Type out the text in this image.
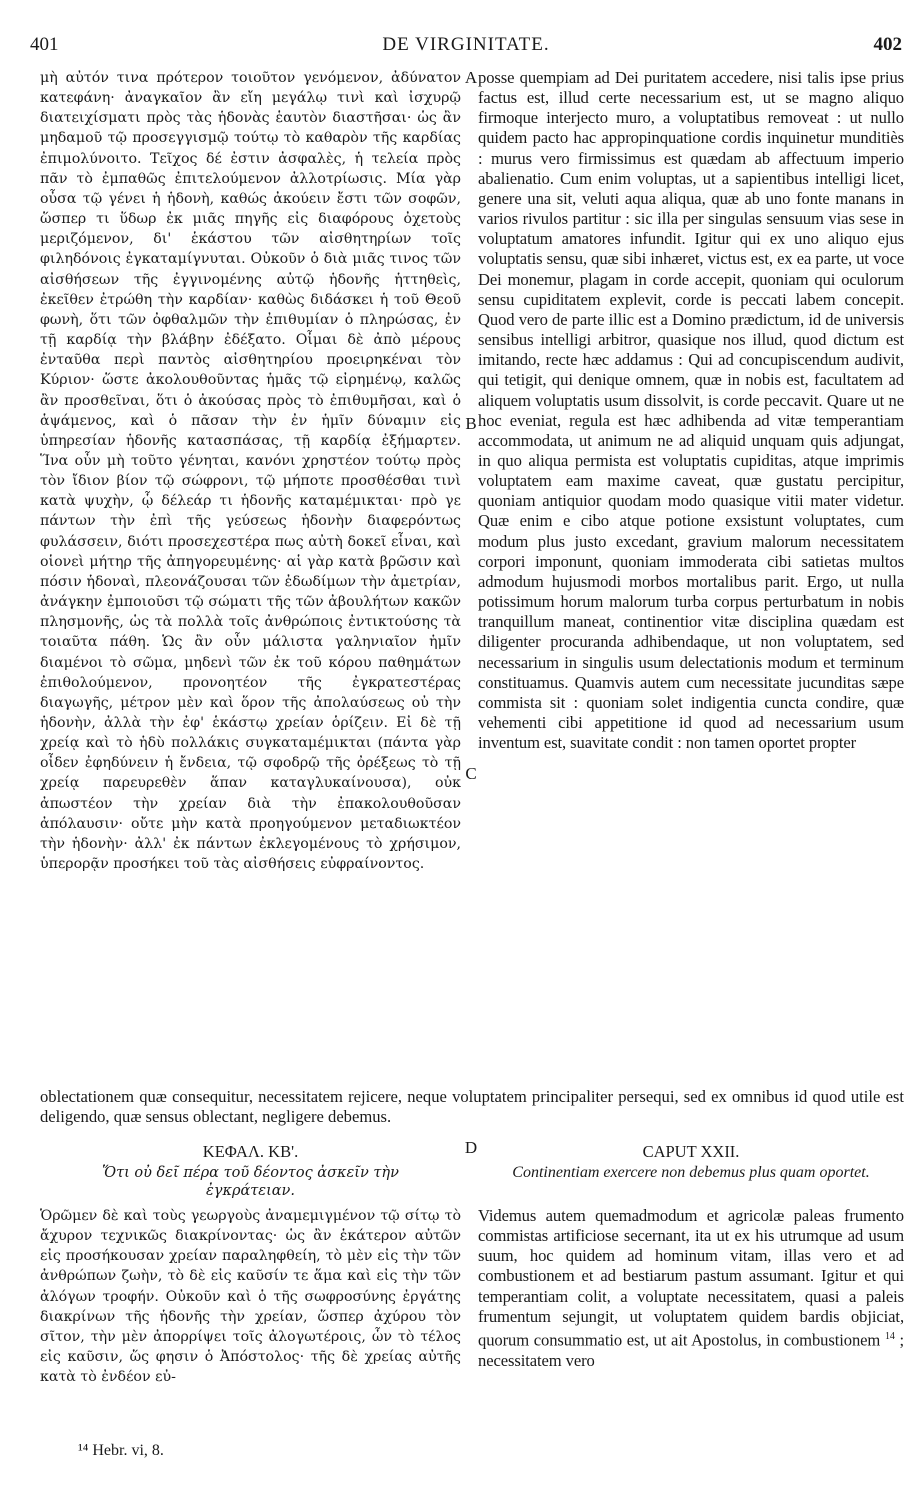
401	DE VIRGINITATE.	402

μὴ αὐτόν τινα πρότερον τοιοῦτον γενόμενον, ἀδύνατον κατεφάνη· ἀναγκαῖον ἂν εἴη μεγάλῳ τινὶ καὶ ἰσχυρῷ διατειχίσματι πρὸς τὰς ἡδονὰς ἑαυτὸν διαστῆσαι· ὡς ἂν μηδαμοῦ τῷ προσεγγισμῷ τούτῳ τὸ καθαρὸν τῆς καρδίας ἐπιμολύνοιτο. Τεῖχος δέ ἐστιν ἀσφαλὲς, ἡ τελεία πρὸς πᾶν τὸ ἐμπαθῶς ἐπιτελούμενον ἀλλοτρίωσις. Μία γὰρ οὖσα τῷ γένει ἡ ἡδονὴ, καθώς ἀκούειν ἔστι τῶν σοφῶν, ὥσπερ τι ὕδωρ ἐκ μιᾶς πηγῆς εἰς διαφόρους ὀχετοὺς μεριζόμενον, δι' ἑκάστου τῶν αἰσθητηρίων τοῖς φιληδόνοις ἐγκαταμίγνυται. Οὐκοῦν ὁ διὰ μιᾶς τινος τῶν αἰσθήσεων τῆς ἐγγινομένης αὐτῷ ἡδονῆς ἡττηθεὶς, ἐκεῖθεν ἐτρώθη τὴν καρδίαν· καθὼς διδάσκει ἡ τοῦ Θεοῦ φωνὴ, ὅτι τῶν ὀφθαλμῶν τὴν ἐπιθυμίαν ὁ πληρώσας, ἐν τῇ καρδίᾳ τὴν βλάβην ἐδέξατο. Οἶμαι δὲ ἀπὸ μέρους ἐνταῦθα περὶ παντὸς αἰσθητηρίου προειρηκέναι τὸν Κύριον· ὥστε ἀκολουθοῦντας ἡμᾶς τῷ εἰρημένῳ, καλῶς ἂν προσθεῖναι, ὅτι ὁ ἀκούσας πρὸς τὸ ἐπιθυμῆσαι, καὶ ὁ ἁψάμενος, καὶ ὁ πᾶσαν τὴν ἐν ἡμῖν δύναμιν εἰς ὑπηρεσίαν ἡδονῆς κατασπάσας, τῇ καρδίᾳ ἐξήμαρτεν. Ἵνα οὖν μὴ τοῦτο γένηται, κανόνι χρηστέον τούτῳ πρὸς τὸν ἴδιον βίον τῷ σώφρονι, τῷ μήποτε προσθέσθαι τινὶ κατὰ ψυχὴν, ᾧ δέλεάρ τι ἡδονῆς καταμέμικται· πρὸ γε πάντων τὴν ἐπὶ τῆς γεύσεως ἡδονὴν διαφερόντως φυλάσσειν, διότι προσεχεστέρα πως αὐτὴ δοκεῖ εἶναι, καὶ οἱονεὶ μήτηρ τῆς ἀπηγορευμένης· αἱ γὰρ κατὰ βρῶσιν καὶ πόσιν ἡδοναὶ, πλεονάζουσαι τῶν ἐδωδίμων τὴν ἀμετρίαν, ἀνάγκην ἐμποιοῦσι τῷ σώματι τῆς τῶν ἀβουλήτων κακῶν πλησμονῆς, ὡς τὰ πολλὰ τοῖς ἀνθρώποις ἐντικτούσης τὰ τοιαῦτα πάθη. Ὡς ἂν οὖν μάλιστα γαληνιαῖον ἡμῖν διαμένοι τὸ σῶμα, μηδενὶ τῶν ἐκ τοῦ κόρου παθημάτων ἐπιθολούμενον, προνοητέον τῆς ἐγκρατεστέρας διαγωγῆς, μέτρον μὲν καὶ ὅρον τῆς ἀπολαύσεως οὐ τὴν ἡδονὴν, ἀλλὰ τὴν ἐφ' ἑκάστῳ χρείαν ὁρίζειν. Εἰ δὲ τῇ χρείᾳ καὶ τὸ ἡδὺ πολλάκις συγκαταμέμικται (πάντα γὰρ οἶδεν ἐφηδύνειν ἡ ἔνδεια, τῷ σφοδρῷ τῆς ὀρέξεως τὸ τῇ χρείᾳ παρευρεθὲν ἅπαν καταγλυκαίνουσα), οὐκ ἀπωστέον τὴν χρείαν διὰ τὴν ἐπακολουθοῦσαν ἀπόλαυσιν· οὔτε μὴν κατὰ προηγούμενον μεταδιωκτέον τὴν ἡδονὴν· ἀλλ' ἐκ πάντων ἐκλεγομένους τὸ χρήσιμον, ὑπερορᾷν προσήκει τοῦ τὰς αἰσθήσεις εὐφραίνοντος.

A
B
C
D

posse quempiam ad Dei puritatem accedere, nisi talis ipse prius factus est, illud certe necessarium est, ut se magno aliquo firmoque interjecto muro, a voluptatibus removeat : ut nullo quidem pacto hac appropinquatione cordis inquinetur munditiès : murus vero firmissimus est quædam ab affectuum imperio abalienatio. Cum enim voluptas, ut a sapientibus intelligi licet, genere una sit, veluti aqua aliqua, quæ ab uno fonte manans in varios rivulos partitur : sic illa per singulas sensuum vias sese in voluptatum amatores infundit. Igitur qui ex uno aliquo ejus voluptatis sensu, quæ sibi inhæret, victus est, ex ea parte, ut voce Dei monemur, plagam in corde accepit, quoniam qui oculorum sensu cupiditatem explevit, corde is peccati labem concepit. Quod vero de parte illic est a Domino prædictum, id de universis sensibus intelligi arbitror, quasique nos illud, quod dictum est imitando, recte hæc addamus : Qui ad concupiscendum audivit, qui tetigit, qui denique omnem, quæ in nobis est, facultatem ad aliquem voluptatis usum dissolvit, is corde peccavit. Quare ut ne hoc eveniat, regula est hæc adhibenda ad vitæ temperantiam accommodata, ut animum ne ad aliquid unquam quis adjungat, in quo aliqua permista est voluptatis cupiditas, atque imprimis voluptatem eam maxime caveat, quæ gustatu percipitur, quoniam antiquior quodam modo quasique vitii mater videtur. Quæ enim e cibo atque potione exsistunt voluptates, cum modum plus justo excedant, gravium malorum necessitatem corpori imponunt, quoniam immoderata cibi satietas multos admodum hujusmodi morbos mortalibus parit. Ergo, ut nulla potissimum horum malorum turba corpus perturbatum in nobis tranquillum maneat, continentior vitæ disciplina quædam est diligenter procuranda adhibendaque, ut non voluptatem, sed necessarium in singulis usum delectationis modum et terminum constituamus. Quamvis autem cum necessitate jucunditas sæpe commista sit : quoniam solet indigentia cuncta condire, quæ vehementi cibi appetitione id quod ad necessarium usum inventum est, suavitate condit : non tamen oportet propter

oblectationem quæ consequitur, necessitatem rejicere, neque voluptatem principaliter persequi, sed ex omnibus id quod utile est deligendo, quæ sensus oblectant, negligere debemus.

ΚΕΦΑΛ. ΚΒ'.
Ὅτι οὐ δεῖ πέρα τοῦ δέοντος ἀσκεῖν τὴν ἐγκράτειαν.

Ὁρῶμεν δὲ καὶ τοὺς γεωργοὺς ἀναμεμιγμένον τῷ σίτῳ τὸ ἄχυρον τεχνικῶς διακρίνοντας· ὡς ἂν ἑκάτερον αὐτῶν εἰς προσήκουσαν χρείαν παραληφθείη, τὸ μὲν εἰς τὴν τῶν ἀνθρώπων ζωὴν, τὸ δὲ εἰς καῦσίν τε ἅμα καὶ εἰς τὴν τῶν ἀλόγων τροφήν. Οὐκοῦν καὶ ὁ τῆς σωφροσύνης ἐργάτης διακρίνων τῆς ἡδονῆς τὴν χρείαν, ὥσπερ ἀχύρου τὸν σῖτον, τὴν μὲν ἀπορρίψει τοῖς ἀλογωτέροις, ὧν τὸ τέλος εἰς καῦσιν, ὥς φησιν ὁ Ἀπόστολος· τῆς δὲ χρείας αὐτῆς κατὰ τὸ ἐνδέον εὐ-

CAPUT XXII.
Continentiam exercere non debemus plus quam oportet.

Videmus autem quemadmodum et agricolæ paleas frumento commistas artificiose secernant, ita ut ex his utrumque ad usum suum, hoc quidem ad hominum vitam, illas vero et ad combustionem et ad bestiarum pastum assumant. Igitur et qui temperantiam colit, a voluptate necessitatem, quasi a paleis frumentum sejungit, ut voluptatem quidem bardis objiciat, quorum consummatio est, ut ait Apostolus, in combustionem $^{14}$ ; necessitatem vero

¹⁴ Hebr. vi, 8.
